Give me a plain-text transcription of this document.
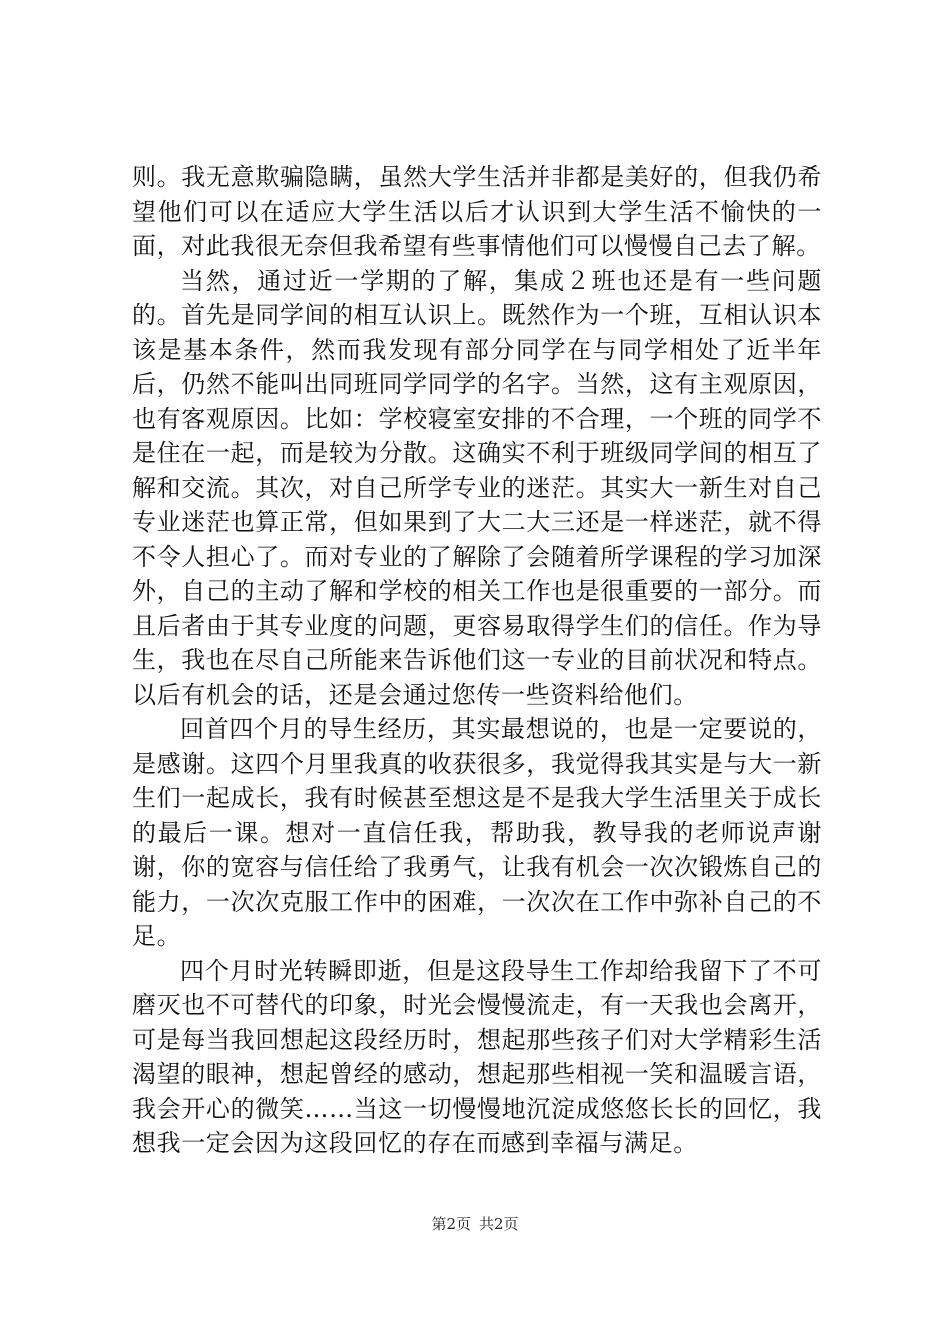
则。我无意欺骗隐瞒，虽然大学生活并非都是美好的，但我仍希望他们可以在适应大学生活以后才认识到大学生活不愉快的一面，对此我很无奈但我希望有些事情他们可以慢慢自己去了解。

当然，通过近一学期的了解，集成２班也还是有一些问题的。首先是同学间的相互认识上。既然作为一个班，互相认识本该是基本条件，然而我发现有部分同学在与同学相处了近半年后，仍然不能叫出同班同学同学的名字。当然，这有主观原因，也有客观原因。比如：学校寝室安排的不合理，一个班的同学不是住在一起，而是较为分散。这确实不利于班级同学间的相互了解和交流。其次，对自己所学专业的迷茫。其实大一新生对自己专业迷茫也算正常，但如果到了大二大三还是一样迷茫，就不得不令人担心了。而对专业的了解除了会随着所学课程的学习加深外，自己的主动了解和学校的相关工作也是很重要的一部分。而且后者由于其专业度的问题，更容易取得学生们的信任。作为导生，我也在尽自己所能来告诉他们这一专业的目前状况和特点。以后有机会的话，还是会通过您传一些资料给他们。

回首四个月的导生经历，其实最想说的，也是一定要说的，是感谢。这四个月里我真的收获很多，我觉得我其实是与大一新生们一起成长，我有时候甚至想这是不是我大学生活里关于成长的最后一课。想对一直信任我，帮助我，教导我的老师说声谢谢，你的宽容与信任给了我勇气，让我有机会一次次锻炼自己的能力，一次次克服工作中的困难，一次次在工作中弥补自己的不足。

四个月时光转瞬即逝，但是这段导生工作却给我留下了不可磨灭也不可替代的印象，时光会慢慢流走，有一天我也会离开，可是每当我回想起这段经历时，想起那些孩子们对大学精彩生活渴望的眼神，想起曾经的感动，想起那些相视一笑和温暖言语，我会开心的微笑……当这一切慢慢地沉淀成悠悠长长的回忆，我想我一定会因为这段回忆的存在而感到幸福与满足。

第2页 共2页
